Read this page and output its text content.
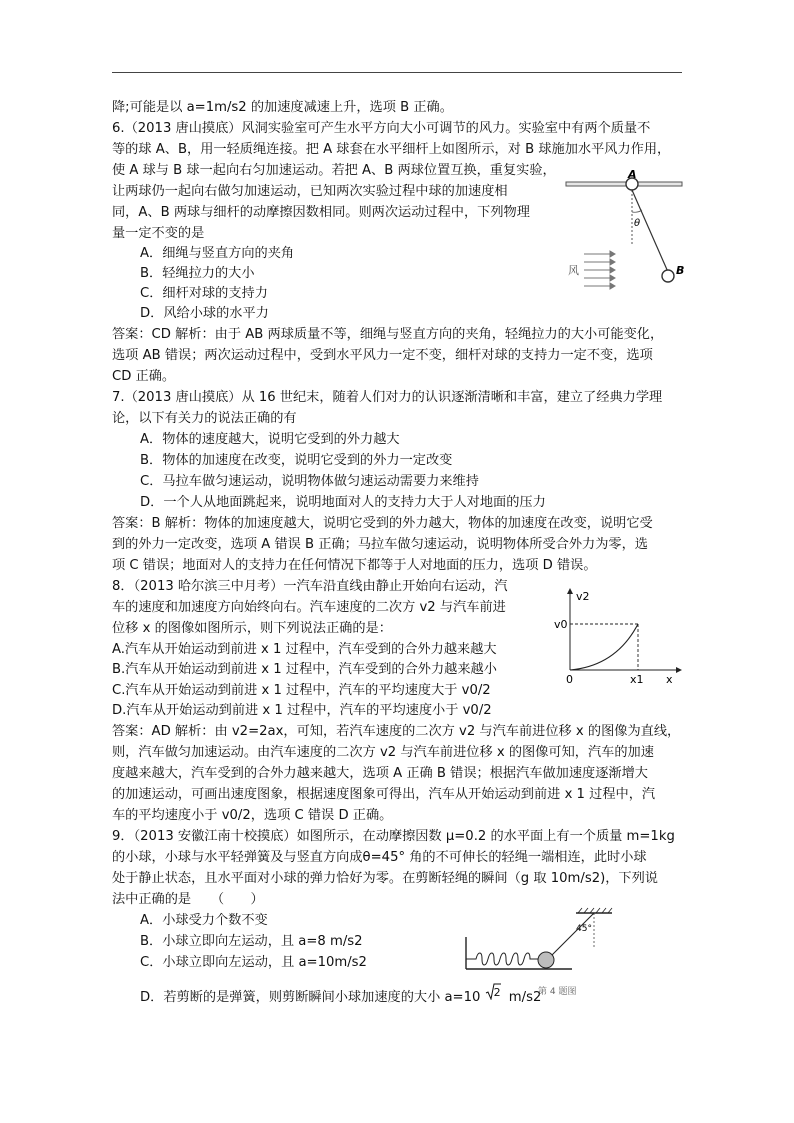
降;可能是以 a=1m/s2 的加速度减速上升，选项 B 正确。
6.（2013 唐山摸底）风洞实验室可产生水平方向大小可调节的风力。实验室中有两个质量不
等的球 A、B，用一轻质绳连接。把 A 球套在水平细杆上如图所示，对 B 球施加水平风力作用，
使 A 球与 B 球一起向右匀加速运动。若把 A、B 两球位置互换，重复实验，
让两球仍一起向右做匀加速运动，已知两次实验过程中球的加速度相
同，A、B 两球与细杆的动摩擦因数相同。则两次运动过程中，下列物理
量一定不变的是
A．细绳与竖直方向的夹角
B．轻绳拉力的大小
C．细杆对球的支持力
D．风给小球的水平力
答案：CD 解析：由于 AB 两球质量不等，细绳与竖直方向的夹角，轻绳拉力的大小可能变化，
选项 AB 错误；两次运动过程中，受到水平风力一定不变，细杆对球的支持力一定不变，选项
CD 正确。
A
θ
B
风
7.（2013 唐山摸底）从 16 世纪末，随着人们对力的认识逐渐清晰和丰富，建立了经典力学理
论，以下有关力的说法正确的有
A．物体的速度越大，说明它受到的外力越大
B．物体的加速度在改变，说明它受到的外力一定改变
C．马拉车做匀速运动，说明物体做匀速运动需要力来维持
D．一个人从地面跳起来，说明地面对人的支持力大于人对地面的压力
答案：B 解析：物体的加速度越大，说明它受到的外力越大，物体的加速度在改变，说明它受
到的外力一定改变，选项 A 错误 B 正确；马拉车做匀速运动，说明物体所受合外力为零，选
项 C 错误；地面对人的支持力在任何情况下都等于人对地面的压力，选项 D 错误。
8．（2013 哈尔滨三中月考）一汽车沿直线由静止开始向右运动，汽
车的速度和加速度方向始终向右。汽车速度的二次方 v2 与汽车前进
位移 x 的图像如图所示，则下列说法正确的是：
A.汽车从开始运动到前进 x 1 过程中，汽车受到的合外力越来越大
B.汽车从开始运动到前进 x 1 过程中，汽车受到的合外力越来越小
C.汽车从开始运动到前进 x 1 过程中，汽车的平均速度大于 v0/2
D.汽车从开始运动到前进 x 1 过程中，汽车的平均速度小于 v0/2
答案：AD 解析：由 v2=2ax，可知，若汽车速度的二次方 v2 与汽车前进位移 x 的图像为直线，
则，汽车做匀加速运动。由汽车速度的二次方 v2 与汽车前进位移 x 的图像可知，汽车的加速
度越来越大，汽车受到的合外力越来越大，选项 A 正确 B 错误；根据汽车做加速度逐渐增大
的加速运动，可画出速度图象，根据速度图象可得出，汽车从开始运动到前进 x 1 过程中，汽
车的平均速度小于 v0/2，选项 C 错误 D 正确。
v2
v0
0	x1 x
9．（2013 安徽江南十校摸底）如图所示，在动摩擦因数 μ=0.2 的水平面上有一个质量 m=1kg
的小球，小球与水平轻弹簧及与竖直方向成θ=45° 角的不可伸长的轻绳一端相连，此时小球
处于静止状态，且水平面对小球的弹力恰好为零。在剪断轻绳的瞬间（g 取 10m/s2)，下列说
法中正确的是　　（　　）
A．小球受力个数不变
B．小球立即向左运动，且 a=8 m/s2
C．小球立即向左运动，且 a=10m/s2
D．若剪断的是弹簧，则剪断瞬间小球加速度的大小 a=10 2 m/s2
45°
第 4 题图
